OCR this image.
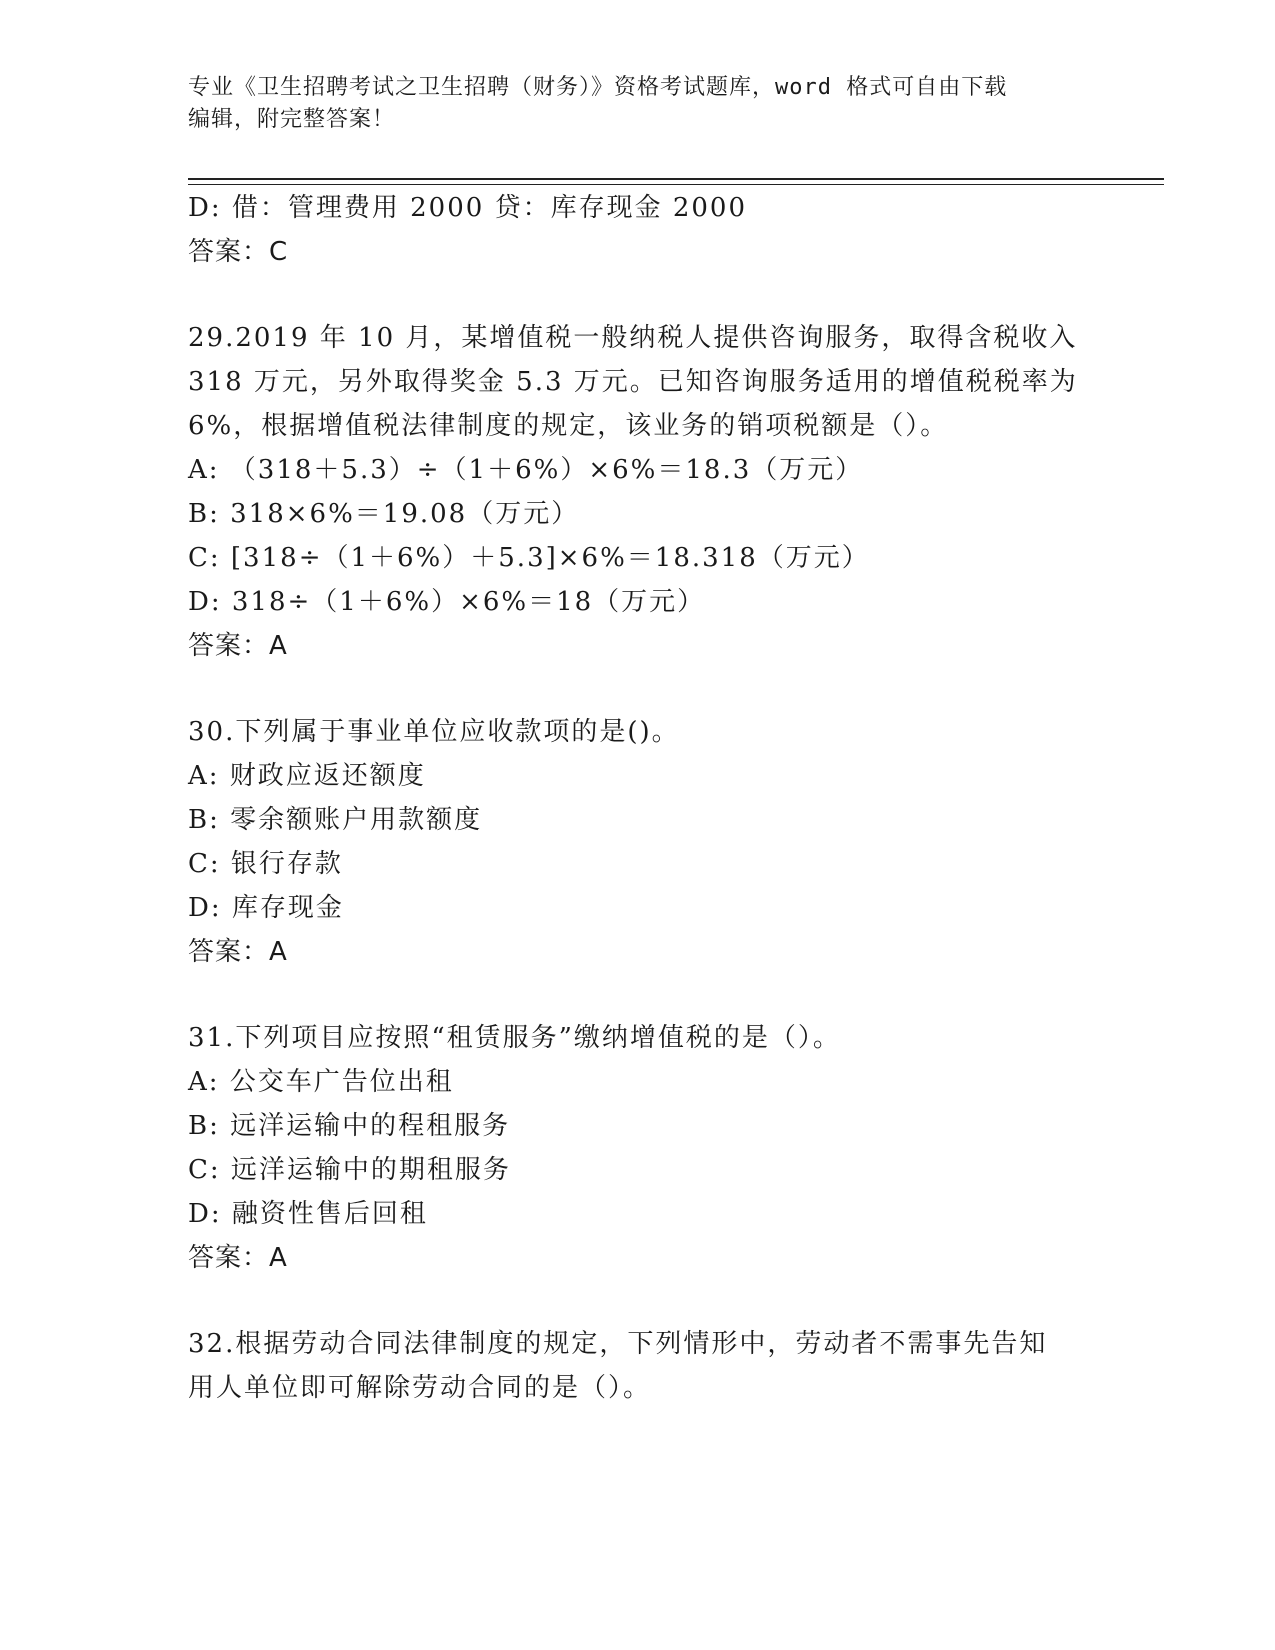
专业《卫生招聘考试之卫生招聘（财务）》资格考试题库，word 格式可自由下载
编辑，附完整答案！
D: 借：管理费用 2000 贷：库存现金 2000
答案：C
29.2019 年 10 月，某增值税一般纳税人提供咨询服务，取得含税收入
318 万元，另外取得奖金 5.3 万元。已知咨询服务适用的增值税税率为
6%，根据增值税法律制度的规定，该业务的销项税额是（）。
A: （318＋5.3）÷（1＋6%）×6%＝18.3（万元）
B: 318×6%＝19.08（万元）
C: [318÷（1＋6%）＋5.3]×6%＝18.318（万元）
D: 318÷（1＋6%）×6%＝18（万元）
答案：A
30.下列属于事业单位应收款项的是()。
A: 财政应返还额度
B: 零余额账户用款额度
C: 银行存款
D: 库存现金
答案：A
31.下列项目应按照“租赁服务”缴纳增值税的是（）。
A: 公交车广告位出租
B: 远洋运输中的程租服务
C: 远洋运输中的期租服务
D: 融资性售后回租
答案：A
32.根据劳动合同法律制度的规定，下列情形中，劳动者不需事先告知
用人单位即可解除劳动合同的是（）。
